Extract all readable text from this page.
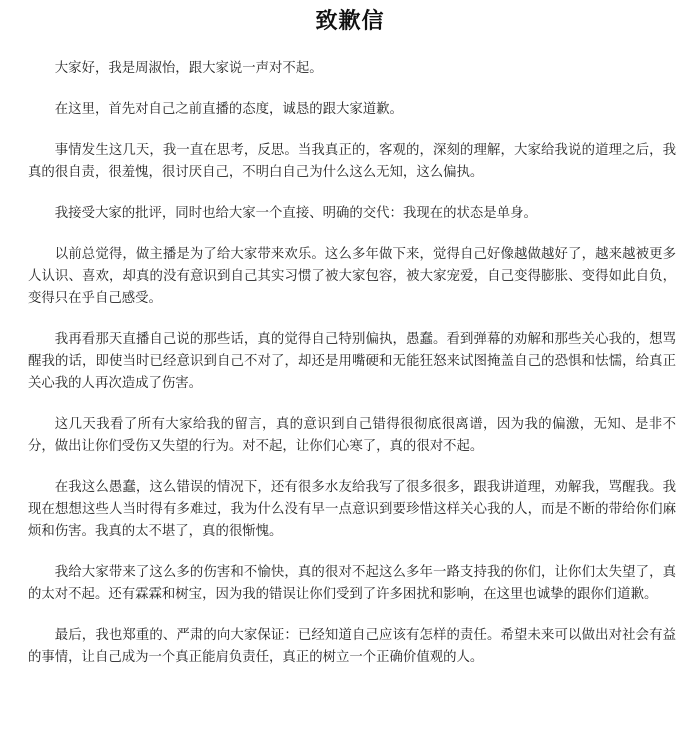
致歉信

大家好，我是周淑怡，跟大家说一声对不起。

在这里，首先对自己之前直播的态度，诚恳的跟大家道歉。

事情发生这几天，我一直在思考，反思。当我真正的，客观的，深刻的理解，大家给我说的道理之后，我真的很自责，很羞愧，很讨厌自己，不明白自己为什么这么无知，这么偏执。

我接受大家的批评，同时也给大家一个直接、明确的交代：我现在的状态是单身。

以前总觉得，做主播是为了给大家带来欢乐。这么多年做下来，觉得自己好像越做越好了，越来越被更多人认识、喜欢，却真的没有意识到自己其实习惯了被大家包容，被大家宠爱，自己变得膨胀、变得如此自负，变得只在乎自己感受。

我再看那天直播自己说的那些话，真的觉得自己特别偏执，愚蠢。看到弹幕的劝解和那些关心我的，想骂醒我的话，即使当时已经意识到自己不对了，却还是用嘴硬和无能狂怒来试图掩盖自己的恐惧和怯懦，给真正关心我的人再次造成了伤害。

这几天我看了所有大家给我的留言，真的意识到自己错得很彻底很离谱，因为我的偏激，无知、是非不分，做出让你们受伤又失望的行为。对不起，让你们心寒了，真的很对不起。

在我这么愚蠢，这么错误的情况下，还有很多水友给我写了很多很多，跟我讲道理，劝解我，骂醒我。我现在想想这些人当时得有多难过，我为什么没有早一点意识到要珍惜这样关心我的人，而是不断的带给你们麻烦和伤害。我真的太不堪了，真的很惭愧。

我给大家带来了这么多的伤害和不愉快，真的很对不起这么多年一路支持我的你们，让你们太失望了，真的太对不起。还有霖霖和树宝，因为我的错误让你们受到了许多困扰和影响，在这里也诚挚的跟你们道歉。

最后，我也郑重的、严肃的向大家保证：已经知道自己应该有怎样的责任。希望未来可以做出对社会有益的事情，让自己成为一个真正能肩负责任，真正的树立一个正确价值观的人。
